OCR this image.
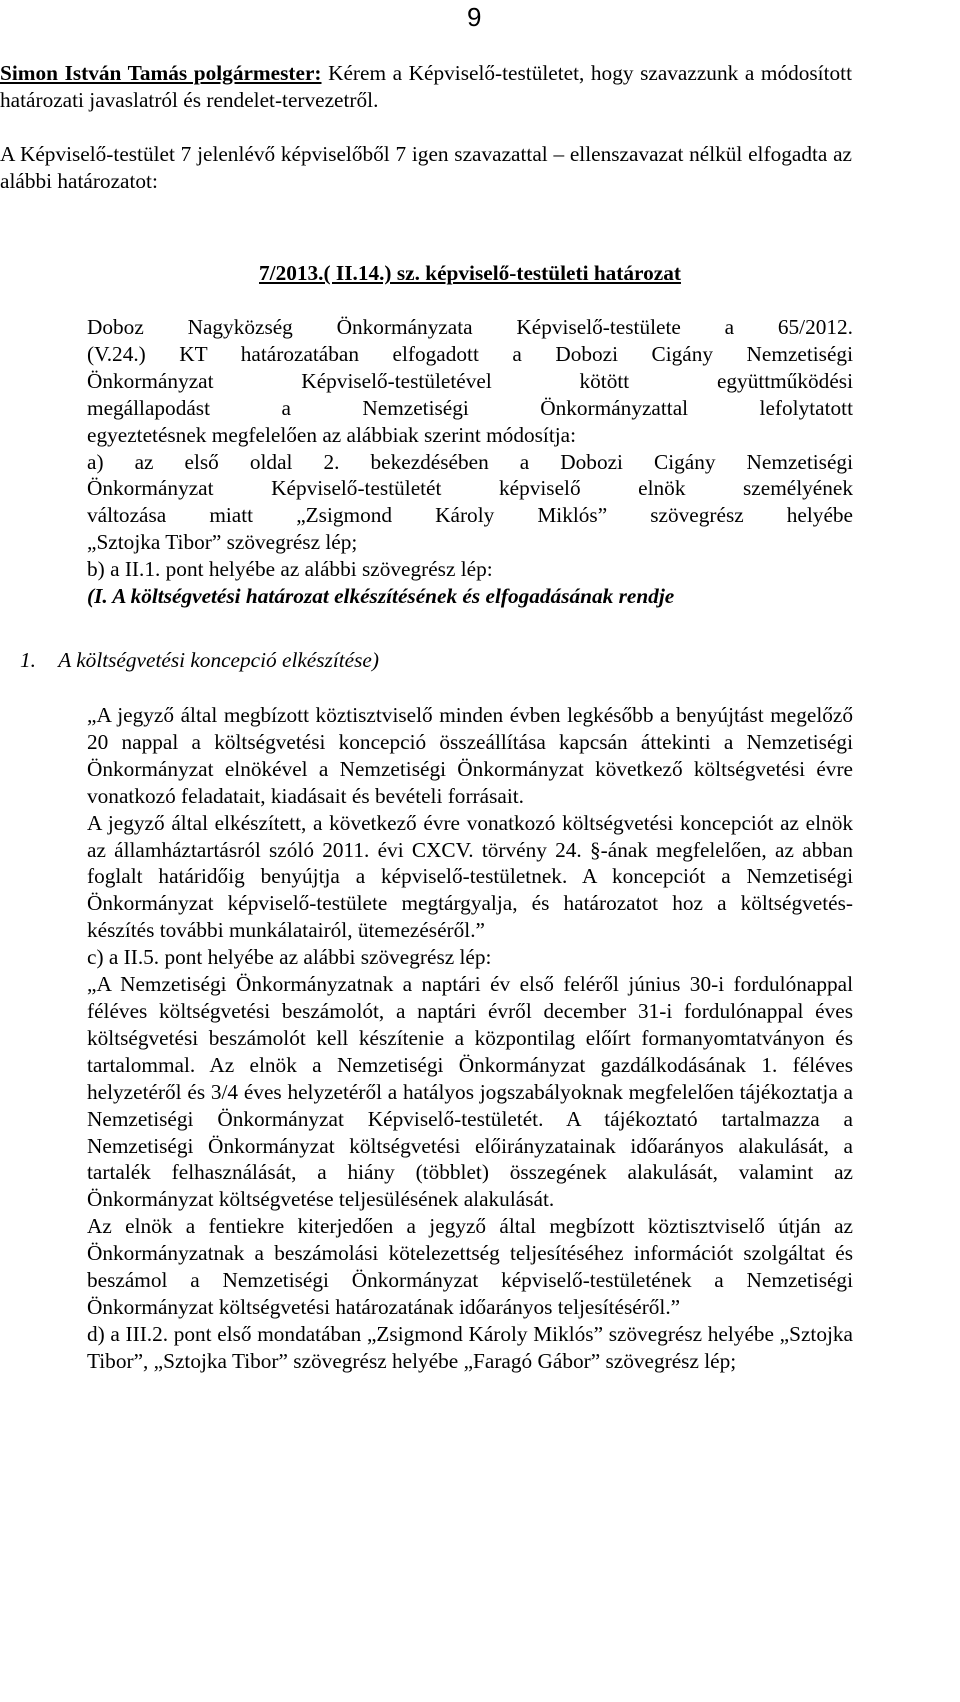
9
Simon István Tamás polgármester: Kérem a Képviselő-testületet, hogy szavazzunk a módosított határozati javaslatról és rendelet-tervezetről.
A Képviselő-testület 7 jelenlévő képviselőből 7 igen szavazattal – ellenszavazat nélkül elfogadta az alábbi határozatot:
7/2013.( II.14.) sz. képviselő-testületi határozat
Doboz Nagyközség Önkormányzata Képviselő-testülete a 65/2012.
(V.24.) KT határozatában elfogadott a Dobozi Cigány Nemzetiségi
Önkormányzat Képviselő-testületével kötött együttműködési
megállapodást a Nemzetiségi Önkormányzattal lefolytatott
egyeztetésnek megfelelően az alábbiak szerint módosítja:
a) az első oldal 2. bekezdésében a Dobozi Cigány Nemzetiségi
Önkormányzat Képviselő-testületét képviselő elnök személyének
változása miatt „Zsigmond Károly Miklós” szövegrész helyébe
„Sztojka Tibor” szövegrész lép;
b) a II.1. pont helyébe az alábbi szövegrész lép:
(I. A költségvetési határozat elkészítésének és elfogadásának rendje
1. A költségvetési koncepció elkészítése)
„A jegyző által megbízott köztisztviselő minden évben legkésőbb a benyújtást megelőző 20 nappal a költségvetési koncepció összeállítása kapcsán áttekinti a Nemzetiségi Önkormányzat elnökével a Nemzetiségi Önkormányzat következő költségvetési évre vonatkozó feladatait, kiadásait és bevételi forrásait.
A jegyző által elkészített, a következő évre vonatkozó költségvetési koncepciót az elnök az államháztartásról szóló 2011. évi CXCV. törvény 24. §-ának megfelelően, az abban foglalt határidőig benyújtja a képviselő-testületnek. A koncepciót a Nemzetiségi Önkormányzat képviselő-testülete megtárgyalja, és határozatot hoz a költségvetés-készítés további munkálatairól, ütemezéséről.”
c) a II.5. pont helyébe az alábbi szövegrész lép:
„A Nemzetiségi Önkormányzatnak a naptári év első feléről június 30-i fordulónappal féléves költségvetési beszámolót, a naptári évről december 31-i fordulónappal éves költségvetési beszámolót kell készítenie a központilag előírt formanyomtatványon és tartalommal. Az elnök a Nemzetiségi Önkormányzat gazdálkodásának 1. féléves helyzetéről és 3/4 éves helyzetéről a hatályos jogszabályoknak megfelelően tájékoztatja a Nemzetiségi Önkormányzat Képviselő-testületét. A tájékoztató tartalmazza a Nemzetiségi Önkormányzat költségvetési előirányzatainak időarányos alakulását, a tartalék felhasználását, a hiány (többlet) összegének alakulását, valamint az Önkormányzat költségvetése teljesülésének alakulását.
Az elnök a fentiekre kiterjedően a jegyző által megbízott köztisztviselő útján az Önkormányzatnak a beszámolási kötelezettség teljesítéséhez információt szolgáltat és beszámol a Nemzetiségi Önkormányzat képviselő-testületének a Nemzetiségi Önkormányzat költségvetési határozatának időarányos teljesítéséről.”
d) a III.2. pont első mondatában „Zsigmond Károly Miklós” szövegrész helyébe „Sztojka Tibor”, „Sztojka Tibor” szövegrész helyébe „Faragó Gábor” szövegrész lép;
